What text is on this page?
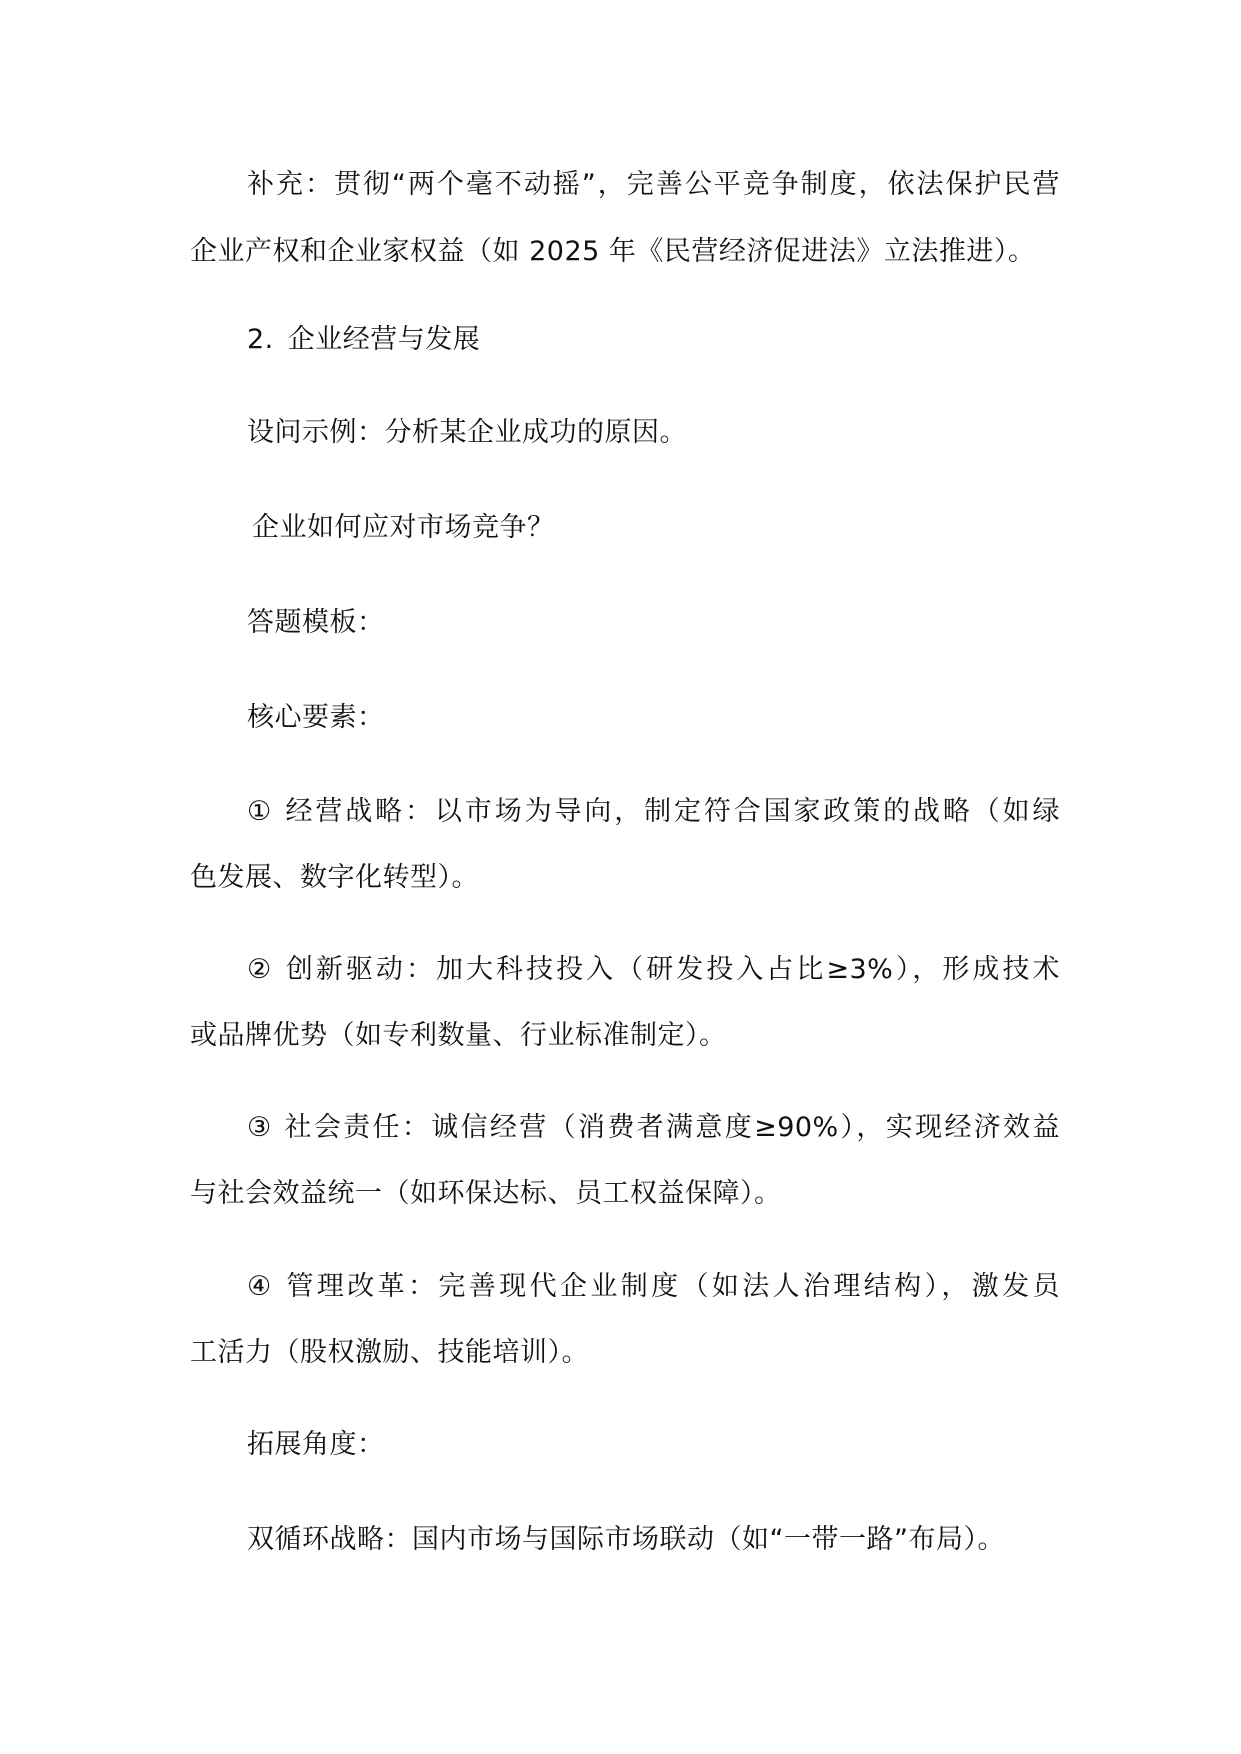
补充：贯彻“两个毫不动摇”，完善公平竞争制度，依法保护民营
企业产权和企业家权益（如 2025 年《民营经济促进法》立法推进）。
2. 企业经营与发展
设问示例：分析某企业成功的原因。
企业如何应对市场竞争？
答题模板：
核心要素：
① 经营战略：以市场为导向，制定符合国家政策的战略（如绿
色发展、数字化转型）。
② 创新驱动：加大科技投入（研发投入占比≥3%），形成技术
或品牌优势（如专利数量、行业标准制定）。
③ 社会责任：诚信经营（消费者满意度≥90%），实现经济效益
与社会效益统一（如环保达标、员工权益保障）。
④ 管理改革：完善现代企业制度（如法人治理结构），激发员
工活力（股权激励、技能培训）。
拓展角度：
双循环战略：国内市场与国际市场联动（如“一带一路”布局）。
